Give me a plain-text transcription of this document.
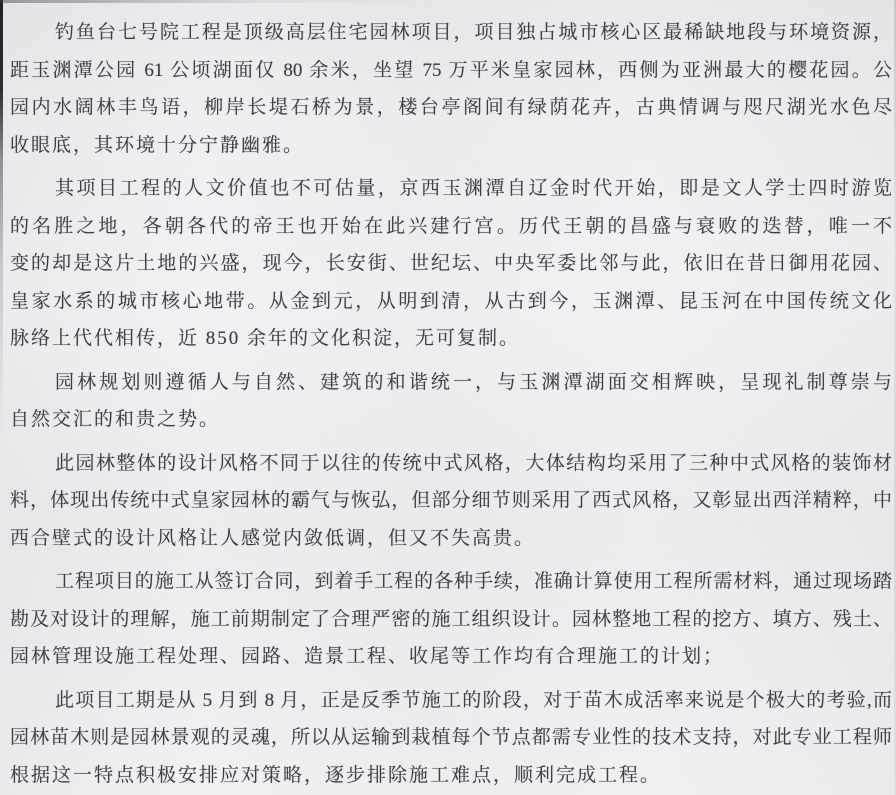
钓鱼台七号院工程是顶级高层住宅园林项目，项目独占城市核心区最稀缺地段与环境资源，
距玉渊潭公园 61 公顷湖面仅 80 余米，坐望 75 万平米皇家园林，西侧为亚洲最大的樱花园。公
园内水阔林丰鸟语，柳岸长堤石桥为景，楼台亭阁间有绿荫花卉，古典情调与咫尺湖光水色尽
收眼底，其环境十分宁静幽雅。
其项目工程的人文价值也不可估量，京西玉渊潭自辽金时代开始，即是文人学士四时游览
的名胜之地，各朝各代的帝王也开始在此兴建行宫。历代王朝的昌盛与衰败的迭替，唯一不
变的却是这片土地的兴盛，现今，长安街、世纪坛、中央军委比邻与此，依旧在昔日御用花园、
皇家水系的城市核心地带。从金到元，从明到清，从古到今，玉渊潭、昆玉河在中国传统文化
脉络上代代相传，近 850 余年的文化积淀，无可复制。
园林规划则遵循人与自然、建筑的和谐统一，与玉渊潭湖面交相辉映，呈现礼制尊崇与
自然交汇的和贵之势。
此园林整体的设计风格不同于以往的传统中式风格，大体结构均采用了三种中式风格的装饰材
料，体现出传统中式皇家园林的霸气与恢弘，但部分细节则采用了西式风格，又彰显出西洋精粹，中
西合壁式的设计风格让人感觉内敛低调，但又不失高贵。
工程项目的施工从签订合同，到着手工程的各种手续，准确计算使用工程所需材料，通过现场踏
勘及对设计的理解，施工前期制定了合理严密的施工组织设计。园林整地工程的挖方、填方、残土、
园林管理设施工程处理、园路、造景工程、收尾等工作均有合理施工的计划；
此项目工期是从 5 月到 8 月，正是反季节施工的阶段，对于苗木成活率来说是个极大的考验,而
园林苗木则是园林景观的灵魂，所以从运输到栽植每个节点都需专业性的技术支持，对此专业工程师
根据这一特点积极安排应对策略，逐步排除施工难点，顺利完成工程。
